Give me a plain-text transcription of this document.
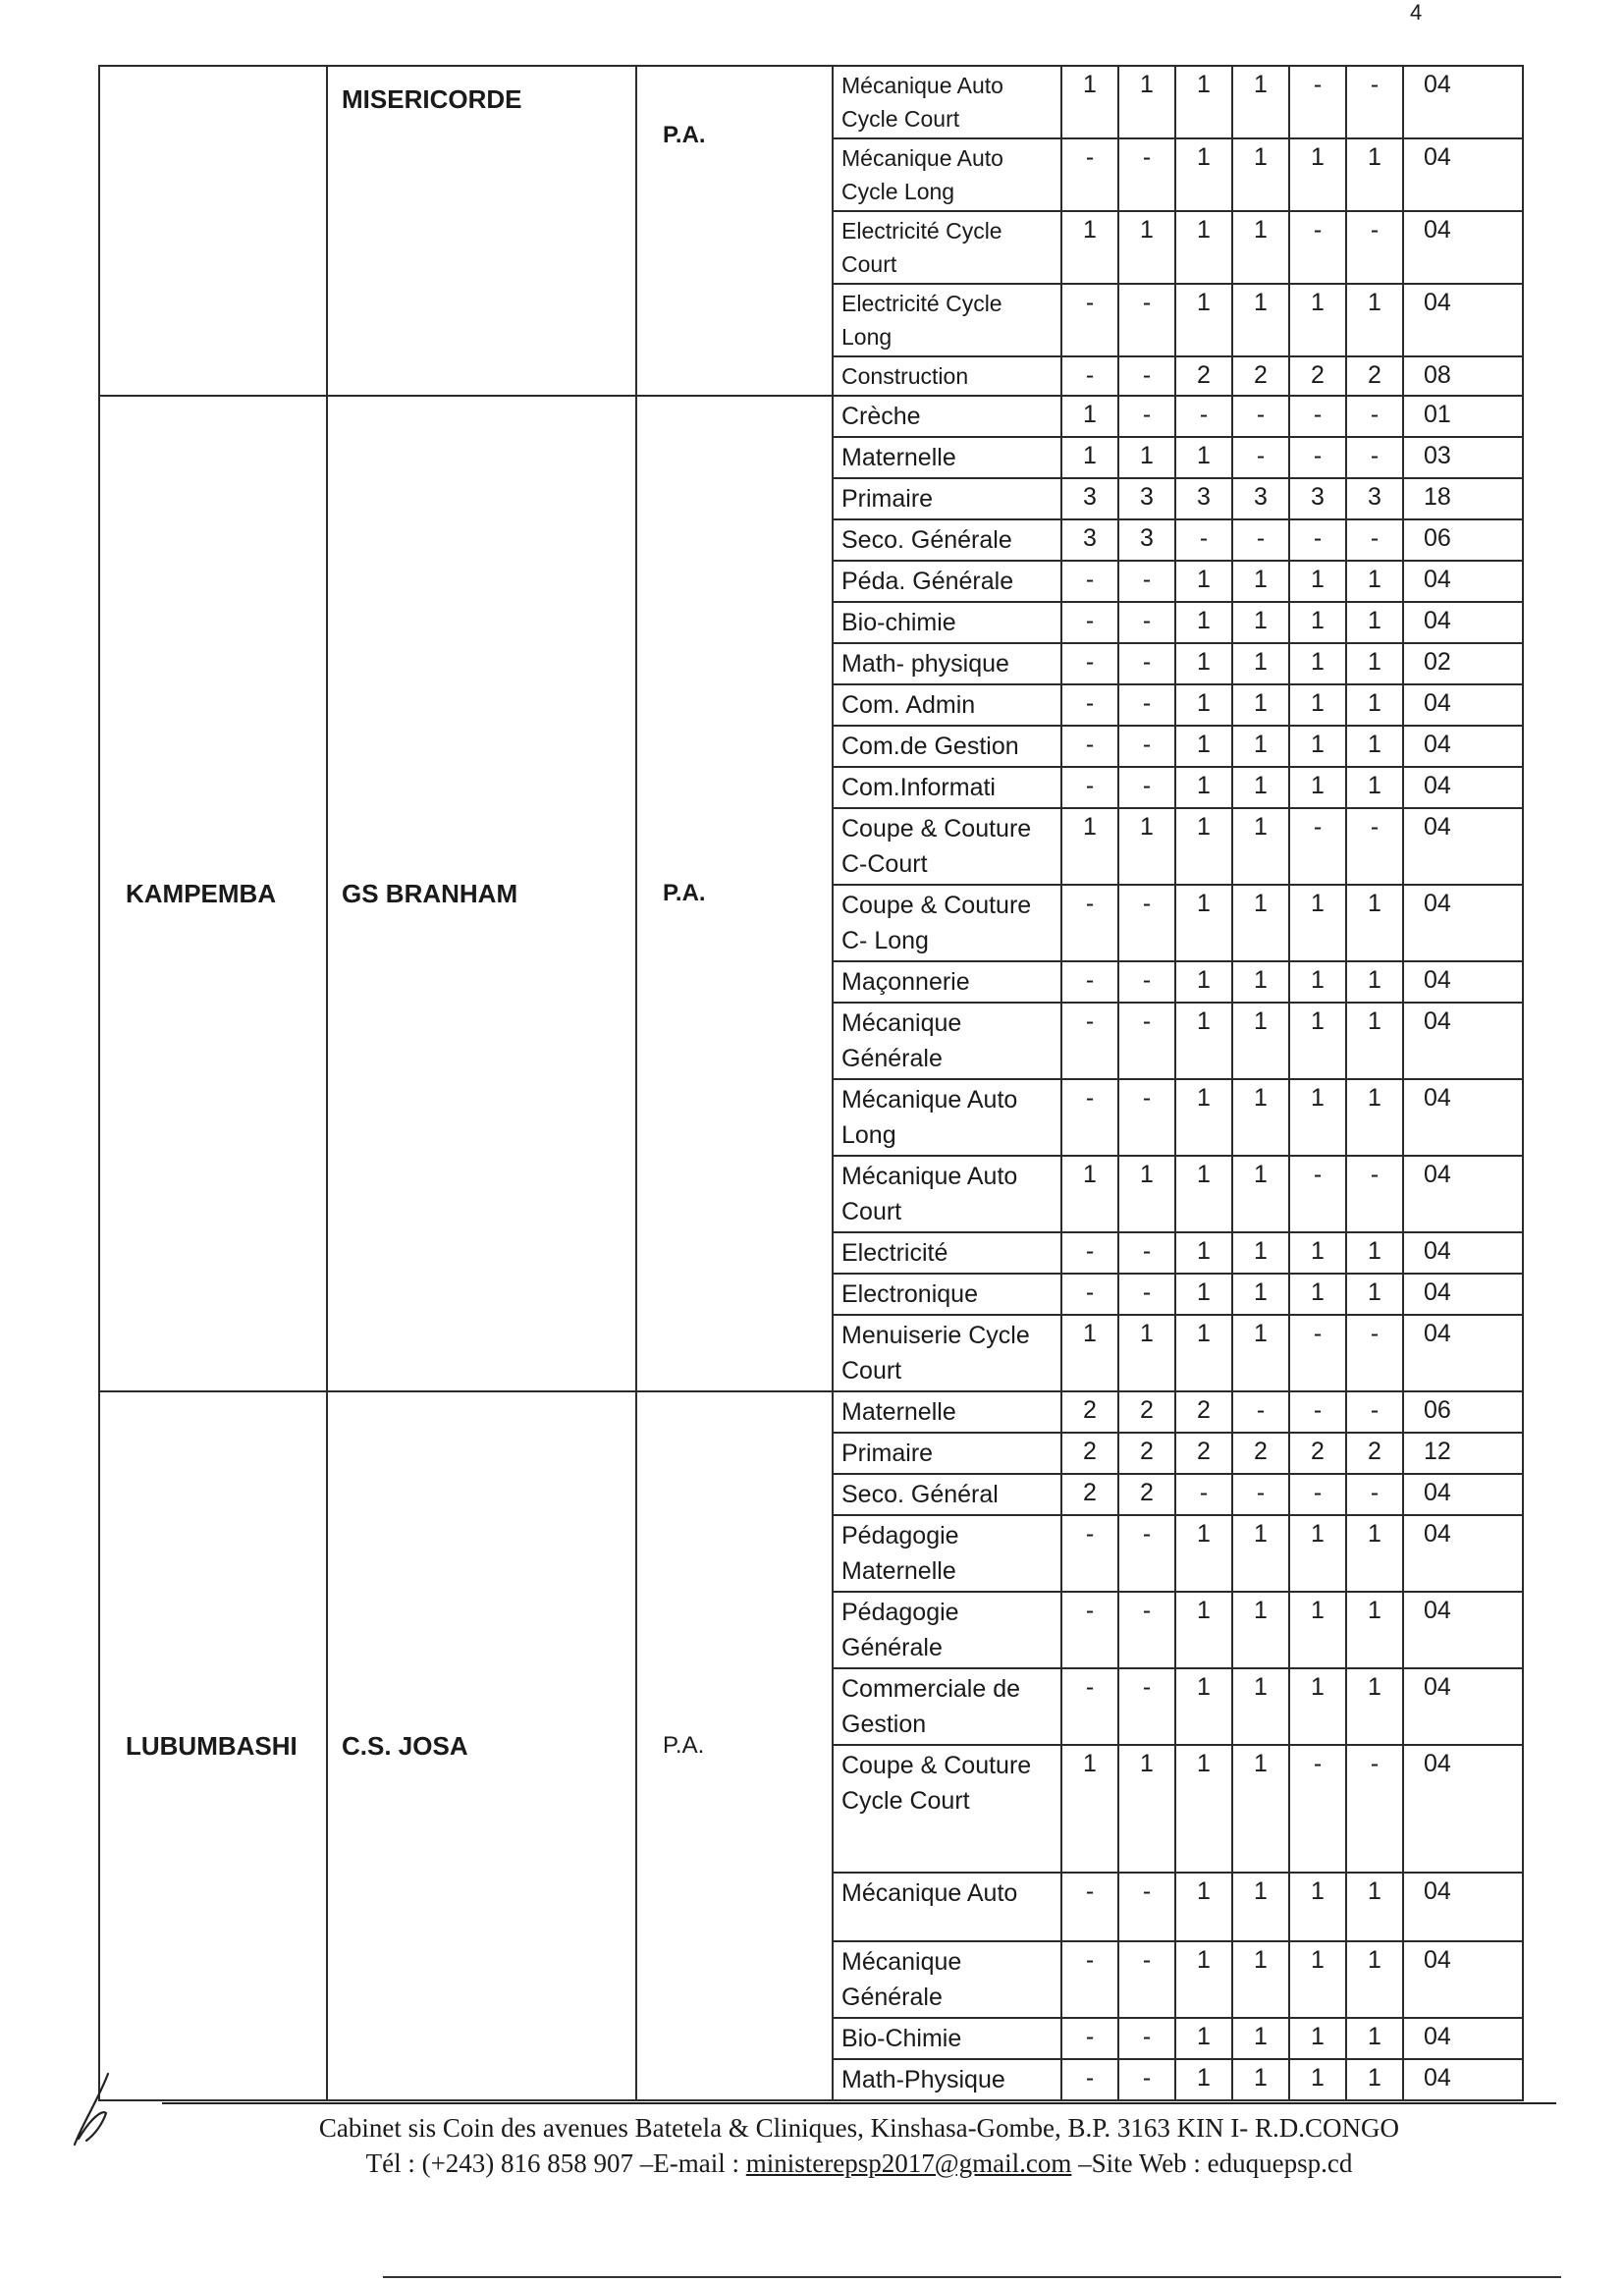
4
	MISERICORDE	P.A.	Mécanique Auto Cycle Court	1	1	1	1	-	-	04
			Mécanique Auto Cycle Long	-	-	1	1	1	1	04
			Electricité Cycle Court	1	1	1	1	-	-	04
			Electricité Cycle Long	-	-	1	1	1	1	04
			Construction	-	-	2	2	2	2	08
KAMPEMBA	GS BRANHAM	P.A.	Crèche	1	-	-	-	-	-	01
			Maternelle	1	1	1	-	-	-	03
			Primaire	3	3	3	3	3	3	18
			Seco. Générale	3	3	-	-	-	-	06
			Péda. Générale	-	-	1	1	1	1	04
			Bio-chimie	-	-	1	1	1	1	04
			Math- physique	-	-	1	1	1	1	02
			Com. Admin	-	-	1	1	1	1	04
			Com.de Gestion	-	-	1	1	1	1	04
			Com.Informati	-	-	1	1	1	1	04
			Coupe & Couture C-Court	1	1	1	1	-	-	04
			Coupe & Couture C- Long	-	-	1	1	1	1	04
			Maçonnerie	-	-	1	1	1	1	04
			Mécanique Générale	-	-	1	1	1	1	04
			Mécanique Auto Long	-	-	1	1	1	1	04
			Mécanique Auto Court	1	1	1	1	-	-	04
			Electricité	-	-	1	1	1	1	04
			Electronique	-	-	1	1	1	1	04
			Menuiserie Cycle Court	1	1	1	1	-	-	04
LUBUMBASHI	C.S. JOSA	P.A.	Maternelle	2	2	2	-	-	-	06
			Primaire	2	2	2	2	2	2	12
			Seco. Général	2	2	-	-	-	-	04
			Pédagogie Maternelle	-	-	1	1	1	1	04
			Pédagogie Générale	-	-	1	1	1	1	04
			Commerciale de Gestion	-	-	1	1	1	1	04
			Coupe & Couture Cycle Court	1	1	1	1	-	-	04
			Mécanique Auto	-	-	1	1	1	1	04
			Mécanique Générale	-	-	1	1	1	1	04
			Bio-Chimie	-	-	1	1	1	1	04
			Math-Physique	-	-	1	1	1	1	04
Cabinet sis Coin des avenues Batetela & Cliniques, Kinshasa-Gombe, B.P. 3163 KIN I- R.D.CONGO
Tél : (+243) 816 858 907 –E-mail : ministerepsp2017@gmail.com –Site Web : eduquepsp.cd
